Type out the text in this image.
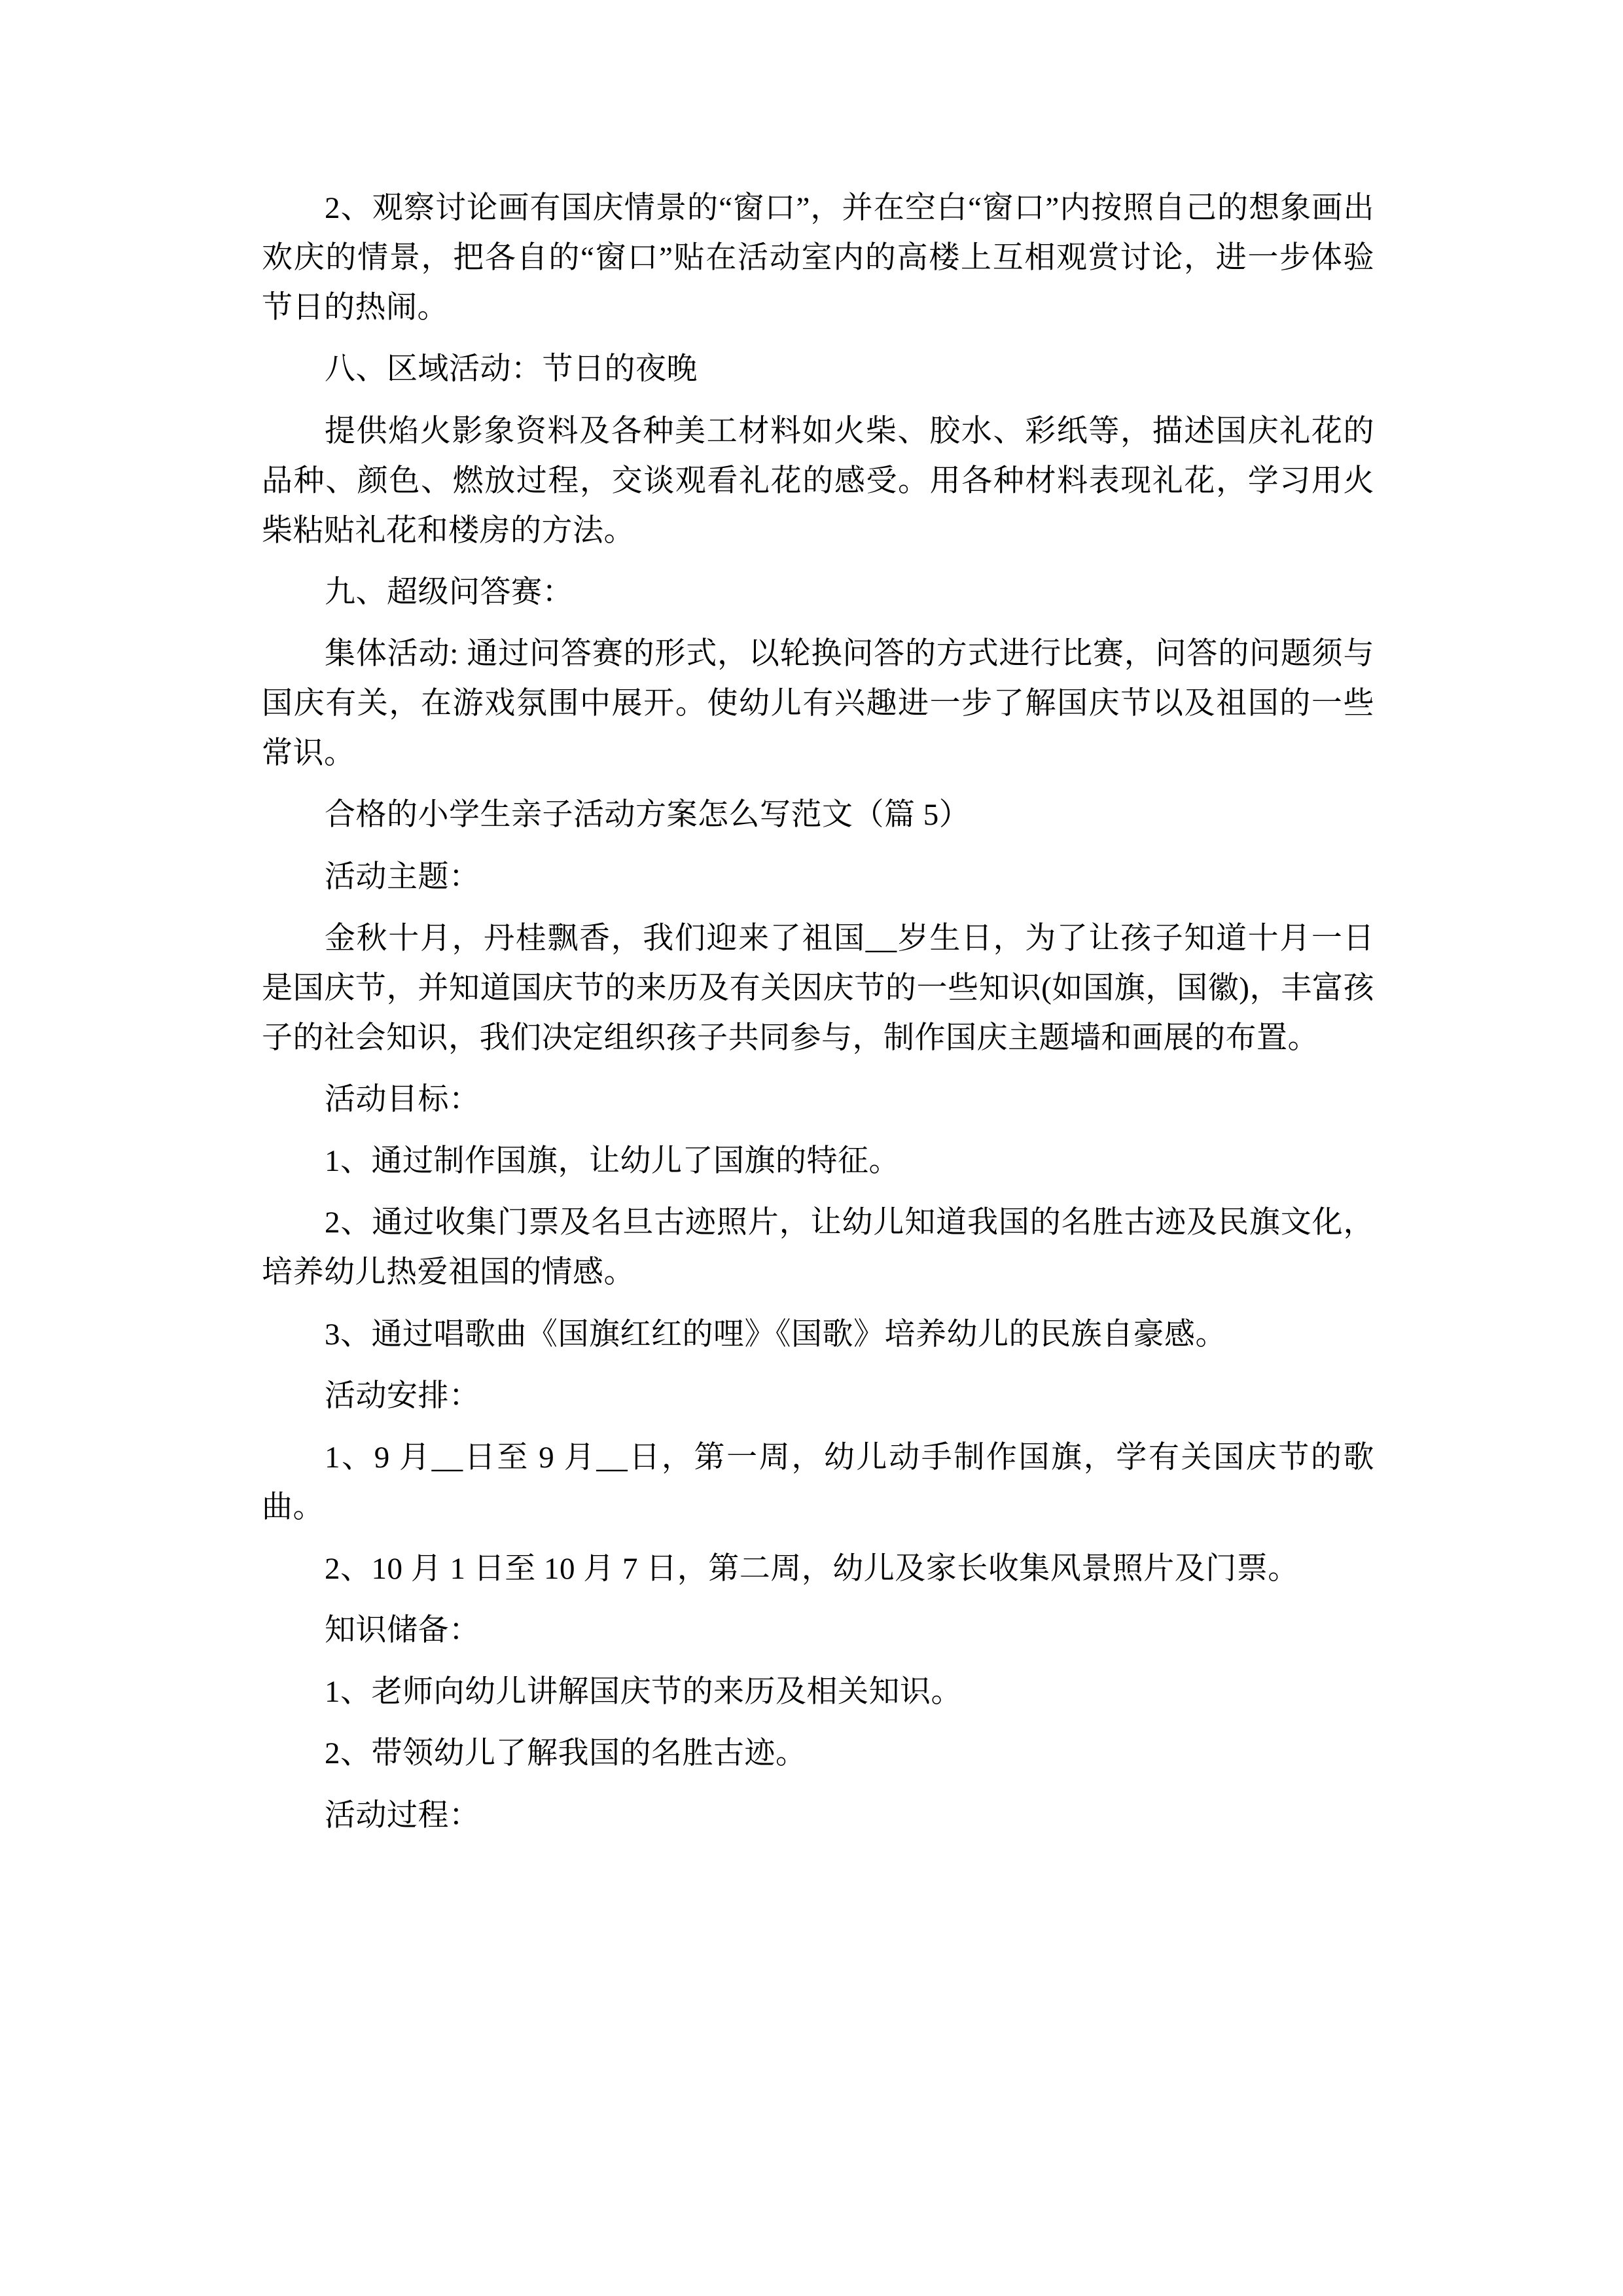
2、观察讨论画有国庆情景的“窗口”，并在空白“窗口”内按照自己的想象画出欢庆的情景，把各自的“窗口”贴在活动室内的高楼上互相观赏讨论，进一步体验节日的热闹。

八、区域活动：节日的夜晚

提供焰火影象资料及各种美工材料如火柴、胶水、彩纸等，描述国庆礼花的品种、颜色、燃放过程，交谈观看礼花的感受。用各种材料表现礼花，学习用火柴粘贴礼花和楼房的方法。

九、超级问答赛：

集体活动: 通过问答赛的形式，以轮换问答的方式进行比赛，问答的问题须与国庆有关，在游戏氛围中展开。使幼儿有兴趣进一步了解国庆节以及祖国的一些常识。

合格的小学生亲子活动方案怎么写范文（篇 5）

活动主题：

金秋十月，丹桂飘香，我们迎来了祖国__岁生日，为了让孩子知道十月一日是国庆节，并知道国庆节的来历及有关因庆节的一些知识(如国旗，国徽)，丰富孩子的社会知识，我们决定组织孩子共同参与，制作国庆主题墙和画展的布置。

活动目标：

1、通过制作国旗，让幼儿了国旗的特征。

2、通过收集门票及名旦古迹照片，让幼儿知道我国的名胜古迹及民旗文化，培养幼儿热爱祖国的情感。

3、通过唱歌曲《国旗红红的哩》《国歌》培养幼儿的民族自豪感。

活动安排：

1、9 月__日至 9 月__日，第一周，幼儿动手制作国旗，学有关国庆节的歌曲。

2、10 月 1 日至 10 月 7 日，第二周，幼儿及家长收集风景照片及门票。

知识储备：

1、老师向幼儿讲解国庆节的来历及相关知识。

2、带领幼儿了解我国的名胜古迹。

活动过程：
